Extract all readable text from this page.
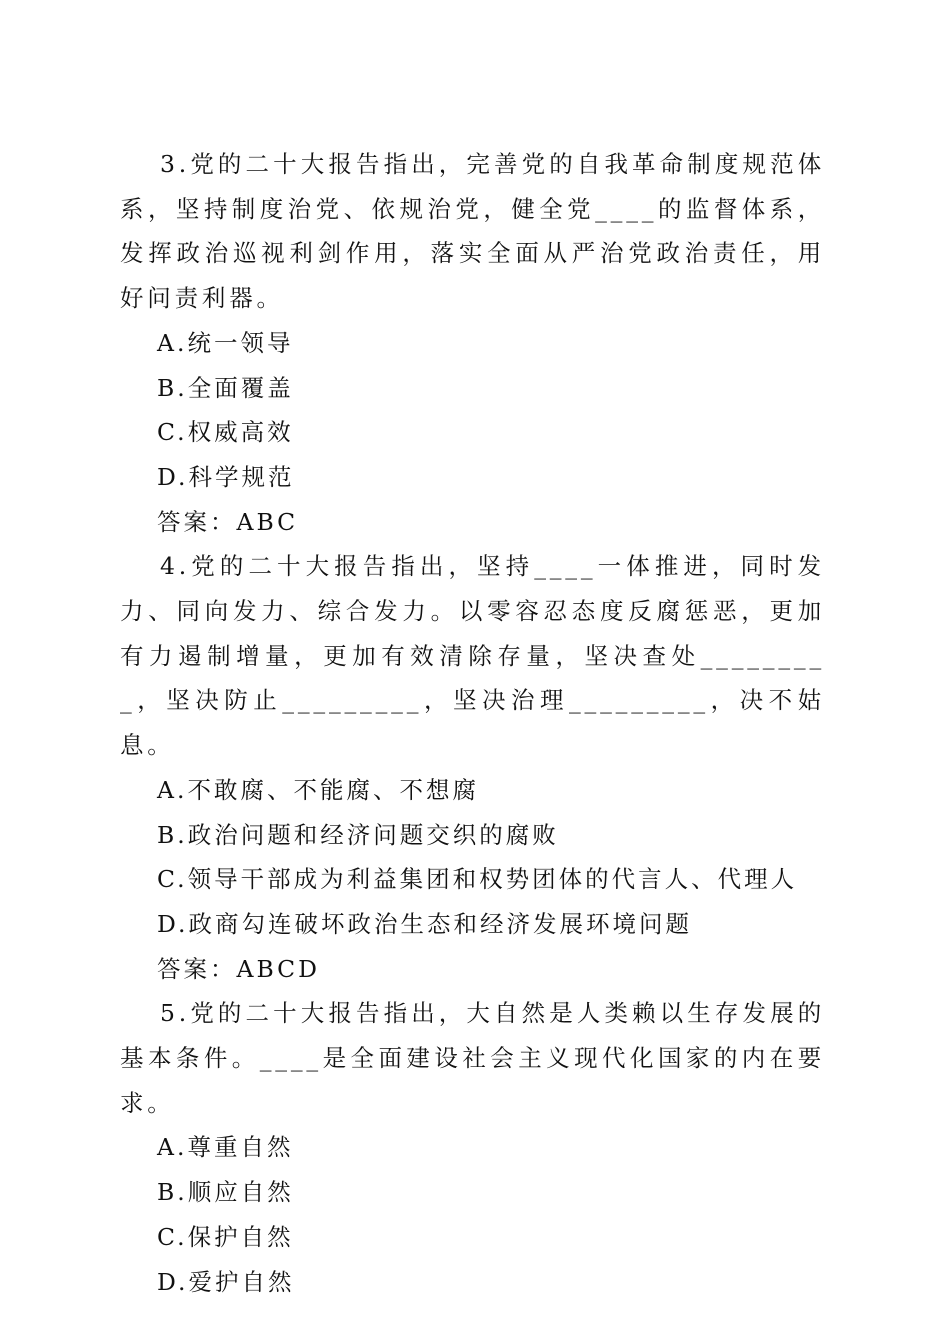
3.党的二十大报告指出，完善党的自我革命制度规范体系，坚持制度治党、依规治党，健全党____的监督体系，发挥政治巡视利剑作用，落实全面从严治党政治责任，用好问责利器。

A.统一领导

B.全面覆盖

C.权威高效

D.科学规范

答案：ABC

4.党的二十大报告指出，坚持____一体推进，同时发力、同向发力、综合发力。以零容忍态度反腐惩恶，更加有力遏制增量，更加有效清除存量，坚决查处_________，坚决防止_________，坚决治理_________，决不姑息。

A.不敢腐、不能腐、不想腐

B.政治问题和经济问题交织的腐败

C.领导干部成为利益集团和权势团体的代言人、代理人

D.政商勾连破坏政治生态和经济发展环境问题

答案：ABCD

5.党的二十大报告指出，大自然是人类赖以生存发展的基本条件。____是全面建设社会主义现代化国家的内在要求。

A.尊重自然

B.顺应自然

C.保护自然

D.爱护自然
